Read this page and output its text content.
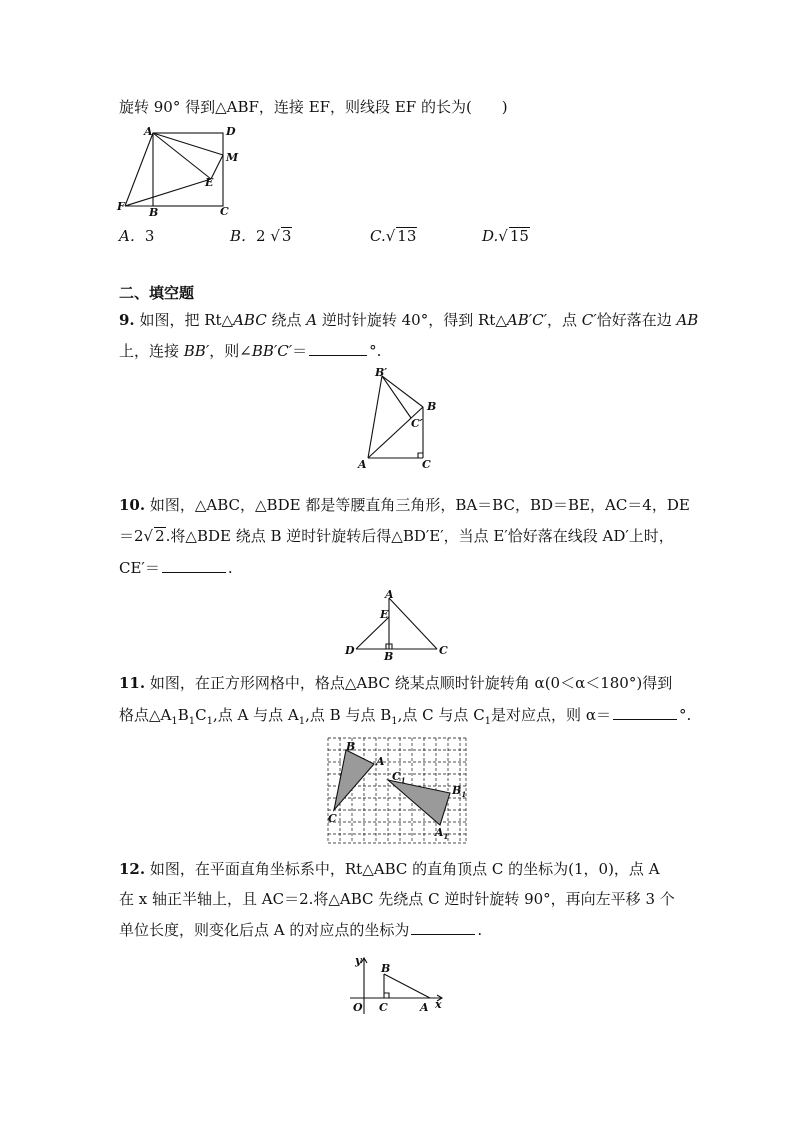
旋转 90° 得到△ABF，连接 EF，则线段 EF 的长为(　　)
A	D
M
E
F B	C
A．3	B．2 √ 3	C.√ 13	D.√ 15
二、填空题
9. 如图，把 Rt△ABC 绕点 A 逆时针旋转 40°，得到 Rt△AB′C′，点 C′恰好落在边 AB
上，连接 BB′，则∠BB′C′＝	°.
B′
B
C′
A	C
10. 如图，△ABC，△BDE 都是等腰直角三角形，BA＝BC，BD＝BE，AC＝4，DE
＝2√ 2.将△BDE 绕点 B 逆时针旋转后得△BD′E′，当点 E′恰好落在线段 AD′上时，
CE′＝	.
A
E
D	B	C
11. 如图，在正方形网格中，格点△ABC 绕某点顺时针旋转角 α(0＜α＜180°)得到
格点$\triangle A_1B_1C_1$,点 A 与点 $A_1$,点 B 与点 $B_1$,点 C 与点 $C_1$是对应点，则 α＝	°.
B
A
C
$C_1$
$B_1$
$A_1$
12. 如图，在平面直角坐标系中，Rt△ABC 的直角顶点 C 的坐标为(1，0)，点 A
在 x 轴正半轴上，且 AC＝2.将△ABC 先绕点 C 逆时针旋转 90°，再向左平移 3 个
单位长度，则变化后点 A 的对应点的坐标为	.
y
B
O C	A x
